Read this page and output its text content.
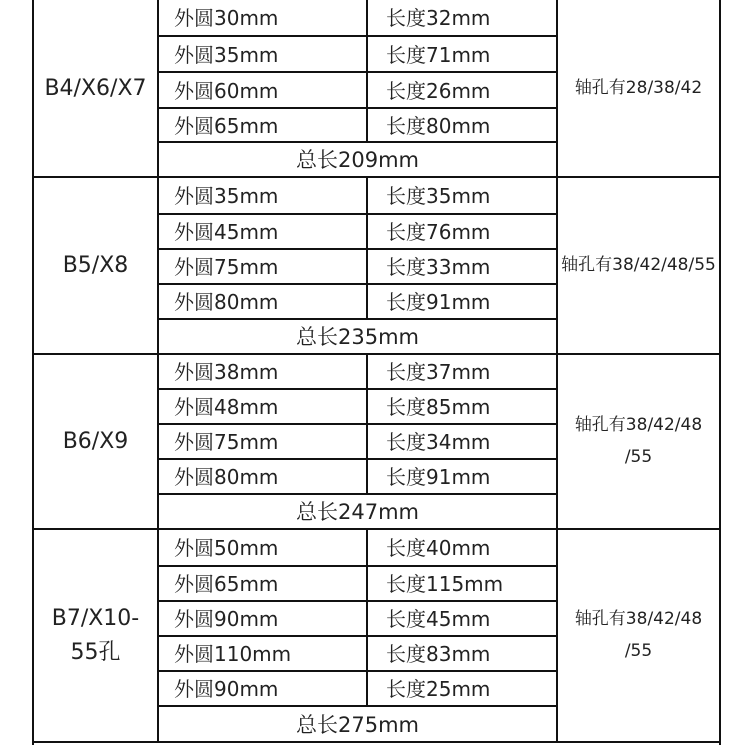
B4/X6/X7
外圆30mm	长度32mm
外圆35mm	长度71mm
外圆60mm	长度26mm
外圆65mm	长度80mm
总长209mm
轴孔有28/38/42
B5/X8
外圆35mm	长度35mm
外圆45mm	长度76mm
外圆75mm	长度33mm
外圆80mm	长度91mm
总长235mm
轴孔有38/42/48/55
B6/X9
外圆38mm	长度37mm
外圆48mm	长度85mm
外圆75mm	长度34mm
外圆80mm	长度91mm
总长247mm
轴孔有38/42/48
/55
B7/X10-
55孔
外圆50mm	长度40mm
外圆65mm	长度115mm
外圆90mm	长度45mm
外圆110mm	长度83mm
外圆90mm	长度25mm
总长275mm
轴孔有38/42/48
/55
